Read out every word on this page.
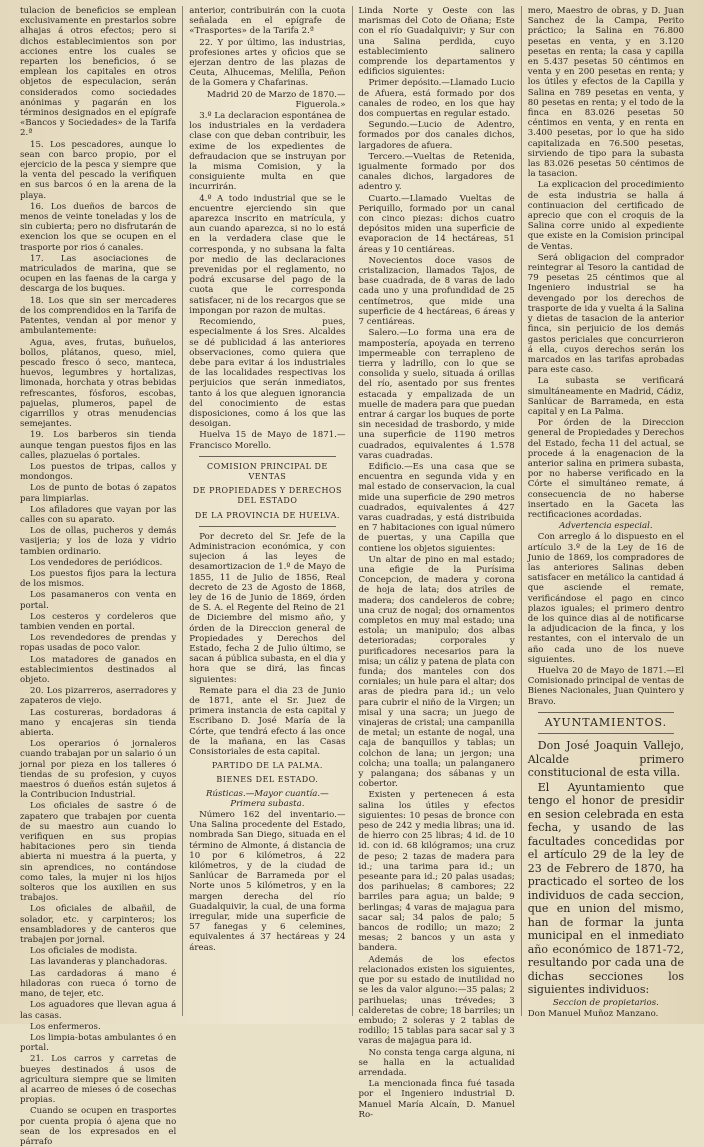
tulacion de beneficios se emplean exclusivamente en prestarlos sobre alhajas á otros efectos; pero si dichos establecimientos son por acciones entre los cuales se reparten los beneficios, ó se emplean los capitales en otros objetos de especulacion, serán considerados como sociedades anónimas y pagarán en los términos designados en el epígrafe «Bancos y Sociedades» de la Tarifa 2.ª

15. Los pescadores, aunque lo sean con barco propio, por el ejercicio de la pesca y siempre que la venta del pescado la verifiquen en sus barcos ó en la arena de la playa.

16. Los dueños de barcos de menos de veinte toneladas y los de sin cubierta; pero no disfrutarán de exencion los que se ocupen en el trasporte por rios ó canales.

17. Las asociaciones de matriculados de marina, que se ocupen en las faenas de la carga y descarga de los buques.

18. Los que sin ser mercaderes de los comprendidos en la Tarifa de Patentes, vendan al por menor y ambulantemente:

Agua, aves, frutas, buñuelos, bollos, plátanos, queso, miel, pescado fresco ó seco, manteca, huevos, legumbres y hortalizas, limonada, horchata y otras bebidas refrescantes, fósforos, escobas, pajuelas, plumeros, papel de cigarrillos y otras menudencias semejantes.

19. Los barberos sin tienda aunque tengan puestos fijos en las calles, plazuelas ó portales.

Los puestos de tripas, callos y mondongos.

Los de punto de botas ó zapatos para limpiarlas.

Los afiladores que vayan por las calles con su aparato.

Los de ollas, pucheros y demás vasijeria; y los de loza y vidrio tambien ordinario.

Los vendedores de periódicos.

Los puestos fijos para la lectura de los mismos.

Los pasamaneros con venta en portal.

Los cesteros y cordeleros que tambien venden en portal.

Los revendedores de prendas y ropas usadas de poco valor.

Los matadores de ganados en establecimientos destinados al objeto.

20. Los pizarreros, aserradores y zapateros de viejo.

Las costureras, bordadoras á mano y encajeras sin tienda abierta.

Los operarios ó jornaleros cuando trabajan por un salario ó un jornal por pieza en los talleres ó tiendas de su profesion, y cuyos maestros ó dueños están sujetos á la Contribucion Industrial.

Los oficiales de sastre ó de zapatero que trabajen por cuenta de su maestro aun cuando lo verifiquen en sus propias habitaciones pero sin tienda abierta ni muestra á la puerta, y sin aprendices, no contándose como tales, la mujer ni los hijos solteros que los auxilien en sus trabajos.

Los oficiales de albañil, de solador, etc. y carpinteros; los ensambladores y de canteros que trabajen por jornal.

Los oficiales de modista.

Las lavanderas y planchadoras.

Las cardadoras á mano é hiladoras con rueca ó torno de mano, de tejer, etc.

Los aguadores que llevan agua á las casas.

Los enfermeros.

Los limpia-botas ambulantes ó en portal.

21. Los carros y carretas de bueyes destinados á usos de agricultura siempre que se limiten al acarreo de mieses ó de cosechas propias.

Cuando se ocupen en trasportes por cuenta propia ó ajena que no sean de los expresados en el párrafo

anterior, contribuirán con la cuota señalada en el epígrafe de «Trasportes» de la Tarifa 2.ª

22. Y por último, las industrias, profesiones artes y oficios que se ejerzan dentro de las plazas de Ceuta, Alhucemas, Melilla, Peñon de la Gomera y Chafarinas.

Madrid 20 de Marzo de 1870.—Figuerola.»

3.º La declaracion espontánea de los industriales en la verdadera clase con que deban contribuir, les exime de los expedientes de defraudacion que se instruyan por la misma Comision, y la consiguiente multa en que incurrirán.

4.º A todo industrial que se le encuentre ejerciendo sin que aparezca inscrito en matrícula, y aun cuando aparezca, si no lo está en la verdadera clase que le corresponda, y no subsana la falta por medio de las declaraciones prevenidas por el reglamento, no podrá excusarse del pago de la cuota que le corresponda satisfacer, ni de los recargos que se impongan por razon de multas.

Recomiendo, pues, especialmente á los Sres. Alcaldes se dé publicidad á las anteriores observaciones, como quiera que debe para evitar á los industriales de las localidades respectivas los perjuicios que serán inmediatos, tanto á los que aleguen ignorancia del conocimiento de estas disposiciones, como á los que las desoigan.

Huelva 15 de Mayo de 1871.—Francisco Morello.

COMISION PRINCIPAL DE VENTAS
DE PROPIEDADES Y DERECHOS DEL ESTADO
DE LA PROVINCIA DE HUELVA.

Por decreto del Sr. Jefe de la Administracion económica, y con sujecion á las leyes de desamortizacion de 1.º de Mayo de 1855, 11 de Julio de 1856, Real decreto de 23 de Agosto de 1868, ley de 16 de Junio de 1869, órden de S. A. el Regente del Reino de 21 de Diciembre del mismo año, y órden de la Direccion general de Propiedades y Derechos del Estado, fecha 2 de Julio último, se sacan á pública subasta, en el dia y hora que se dirá, las fincas siguientes:

Remate para el dia 23 de Junio de 1871, ante el Sr. Juez de primera instancia de esta capital y Escribano D. José María de la Córte, que tendrá efecto á las once de la mañana, en las Casas Consistoriales de esta capital.

PARTIDO DE LA PALMA.
BIENES DEL ESTADO.

Rústicas.—Mayor cuantía.—Primera subasta.

Número 162 del inventario.—Una Salina procedente del Estado, nombrada San Diego, situada en el término de Almonte, á distancia de 10 por 6 kilómetros, á 22 kilómetros, y de la ciudad de Sanlúcar de Barrameda por el Norte unos 5 kilómetros, y en la margen derecha del río Guadalquivir, la cual, de una forma irregular, mide una superficie de 57 fanegas y 6 celemines, equivalentes á 37 hectáreas y 24 áreas.

Linda Norte y Oeste con las marismas del Coto de Oñana; Este con el río Guadalquivir; y Sur con una Salina perdida, cuyo establecimiento salinero comprende los departamentos y edificios siguientes:

Primer depósito.—Llamado Lucio de Afuera, está formado por dos canales de rodeo, en los que hay dos compuertas en regular estado.

Segundo.—Lucio de Adentro, formados por dos canales dichos, largadores de afuera.

Tercero.—Vueltas de Retenida, igualmente formado por dos canales dichos, largadores de adentro y.

Cuarto.—Llamado Vueltas de Periquillo, formado por un canal con cinco piezas: dichos cuatro depósitos miden una superficie de evaporacion de 14 hectáreas, 51 áreas y 10 centiáreas.

Novecientos doce vasos de cristalizacion, llamados Tajos, de base cuadrada, de 8 varas de lado cada uno y una profundidad de 25 centímetros, que mide una superficie de 4 hectáreas, 6 áreas y 7 centiáreas.

Salero.—Lo forma una era de mampostería, apoyada en terreno impermeable con terrapleno de tierra y ladrillo, con lo que se consolida y suelo, situada á orillas del río, asentado por sus frentes estacada y empalizada de un muelle de madera para que puedan entrar á cargar los buques de porte sin necesidad de trasbordo, y mide una superficie de 1190 metros cuadrados, equivalentes á 1.578 varas cuadradas.

Edificio.—Es una casa que se encuentra en segunda vida y en mal estado de conservacion, la cual mide una superficie de 290 metros cuadrados, equivalentes á 427 varas cuadradas, y está distribuida en 7 habitaciones con igual número de puertas, y una Capilla que contiene los objetos siguientes:

Un altar de pino en mal estado; una efigie de la Purísima Concepcion, de madera y corona de hoja de lata; dos atriles de madera; dos candeleros de cobre; una cruz de nogal; dos ornamentos completos en muy mal estado; una estola; un manipulo; dos albas deterioradas; corporales y purificadores necesarios para la misa; un cáliz y patena de plata con funda; dos manteles con dos corniales; un hule para el altar; dos aras de piedra para id.; un velo para cubrir el niño de la Virgen; un misal y una sacra; un juego de vinajeras de cristal; una campanilla de metal; un estante de nogal, una caja de banquillos y tablas; un colchon de lana; un jergon; una colcha; una toalla; un palanganero y palangana; dos sábanas y un cobertor.

Existen y pertenecen á esta salina los útiles y efectos siguientes: 10 pesas de bronce con peso de 242 y media libras; una id. de hierro con 25 libras; 4 id. de 10 id. con id. 68 kilógramos; una cruz de peso; 2 tazas de madera para id.; una tarima para id.; un peseante para id.; 20 palas usadas; dos parihuelas; 8 cambores; 22 barriles para agua; un balde; 9 berlingas; 4 varas de majagua para sacar sal; 34 palos de palo; 5 bancos de rodillo; un mazo; 2 mesas; 2 bancos y un asta y bandera.

Además de los efectos relacionados existen los siguientes, que por su estado de inutilidad no se les da valor alguno:—35 palas; 2 parihuelas; unas trévedes; 3 calderetas de cobre; 18 barriles; un embudo; 2 soleras y 2 tablas de rodillo; 15 tablas para sacar sal y 3 varas de majagua para id.

No consta tenga carga alguna, ni se halla en la actualidad arrendada.

La mencionada finca fué tasada por el Ingeniero industrial D. Manuel María Alcaín, D. Manuel Ro-

mero, Maestro de obras, y D. Juan Sanchez de la Campa, Perito práctico; la Salina en 76.800 pesetas en venta, y en 3.120 pesetas en renta; la casa y capilla en 5.437 pesetas 50 céntimos en venta y en 200 pesetas en renta; y los útiles y efectos de la Capilla y Salina en 789 pesetas en venta, y 80 pesetas en renta; y el todo de la finca en 83.026 pesetas 50 céntimos en venta, y en renta en 3.400 pesetas, por lo que ha sido capitalizada en 76.500 pesetas, sirviendo de tipo para la subasta las 83.026 pesetas 50 céntimos de la tasacion.

La explicacion del procedimiento de esta industria se halla á continuacion del certificado de aprecio que con el croquis de la Salina corre unido al expediente que existe en la Comision principal de Ventas.

Será obligacion del comprador reintegrar al Tesoro la cantidad de 79 pesetas 25 céntimos que al Ingeniero industrial se ha devengado por los derechos de trasporte de ida y vuelta á la Salina y dietas de tasacion de la anterior finca, sin perjuicio de los demás gastos periciales que concurrieron á ella, cuyos derechos serán los marcados en las tarifas aprobadas para este caso.

La subasta se verificará simultáneamente en Madrid, Cádiz, Sanlúcar de Barrameda, en esta capital y en La Palma.

Por órden de la Direccion general de Propiedades y Derechos del Estado, fecha 11 del actual, se procede á la enagenacion de la anterior salina en primera subasta, por no haberse verificado en la Córte el simultáneo remate, á consecuencia de no haberse insertado en la Gaceta las rectificaciones acordadas.

Advertencia especial.

Con arreglo á lo dispuesto en el artículo 3.º de la Ley de 16 de Junio de 1869, los compradores de las anteriores Salinas deben satisfacer en metálico la cantidad á que asciende el remate, verificándose el pago en cinco plazos iguales; el primero dentro de los quince dias al de notificarse la adjudicacion de la finca, y los restantes, con el intervalo de un año cada uno de los nueve siguientes.

Huelva 20 de Mayo de 1871.—El Comisionado principal de ventas de Bienes Nacionales, Juan Quintero y Bravo.

AYUNTAMIENTOS.

Don José Joaquin Vallejo, Alcalde primero constitucional de esta villa.

El Ayuntamiento que tengo el honor de presidir en sesion celebrada en esta fecha, y usando de las facultades concedidas por el artículo 29 de la ley de 23 de Febrero de 1870, ha practicado el sorteo de los individuos de cada seccion, que en union del mismo, han de formar la junta municipal en el inmediato año económico de 1871-72, resultando por cada una de dichas secciones los siguientes individuos:

Seccion de propietarios.

Don Manuel Muñoz Manzano.
